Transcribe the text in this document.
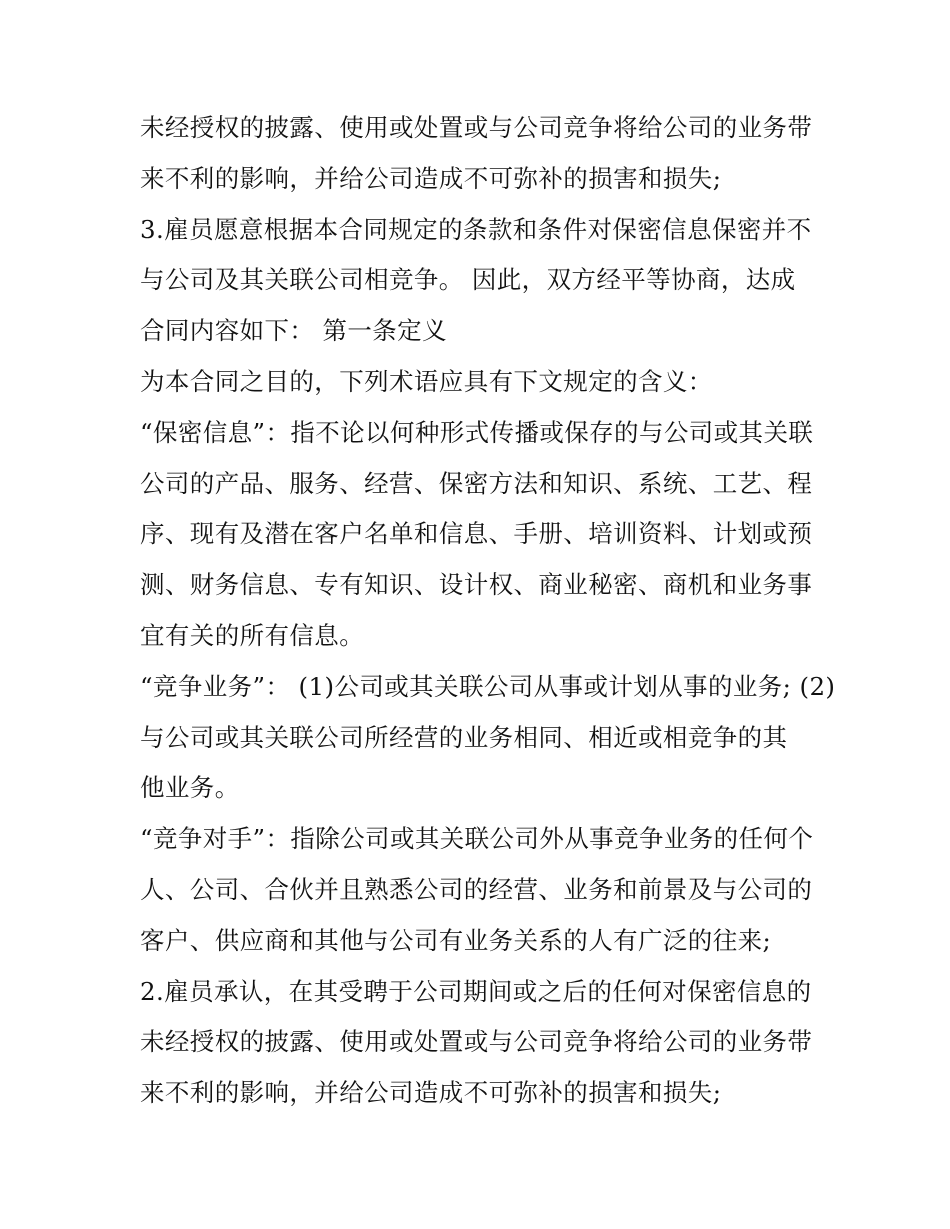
未经授权的披露、使用或处置或与公司竞争将给公司的业务带
来不利的影响，并给公司造成不可弥补的损害和损失;
3.雇员愿意根据本合同规定的条款和条件对保密信息保密并不
与公司及其关联公司相竞争。 因此，双方经平等协商，达成
合同内容如下： 第一条定义
为本合同之目的，下列术语应具有下文规定的含义：
“保密信息”：指不论以何种形式传播或保存的与公司或其关联
公司的产品、服务、经营、保密方法和知识、系统、工艺、程
序、现有及潜在客户名单和信息、手册、培训资料、计划或预
测、财务信息、专有知识、设计权、商业秘密、商机和业务事
宜有关的所有信息。
“竞争业务”： (1)公司或其关联公司从事或计划从事的业务; (2)
与公司或其关联公司所经营的业务相同、相近或相竞争的其
他业务。
“竞争对手”：指除公司或其关联公司外从事竞争业务的任何个
人、公司、合伙并且熟悉公司的经营、业务和前景及与公司的
客户、供应商和其他与公司有业务关系的人有广泛的往来;
2.雇员承认，在其受聘于公司期间或之后的任何对保密信息的
未经授权的披露、使用或处置或与公司竞争将给公司的业务带
来不利的影响，并给公司造成不可弥补的损害和损失;
